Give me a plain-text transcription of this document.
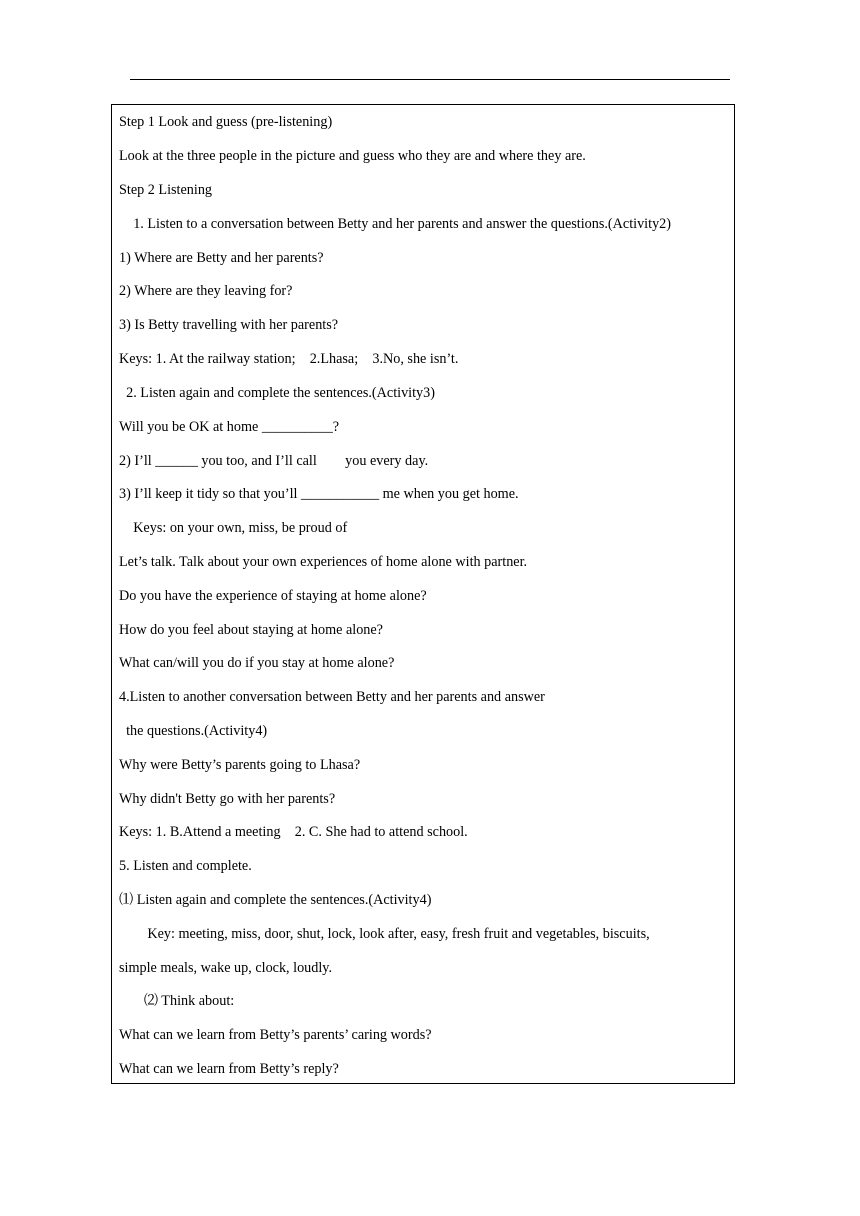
Step 1 Look and guess (pre-listening)
Look at the three people in the picture and guess who they are and where they are.
Step 2 Listening
1. Listen to a conversation between Betty and her parents and answer the questions.(Activity2)
1) Where are Betty and her parents?
2) Where are they leaving for?
3) Is Betty travelling with her parents?
Keys: 1. At the railway station;    2.Lhasa;    3.No, she isn’t.
2. Listen again and complete the sentences.(Activity3)
Will you be OK at home __________?
2) I’ll ______ you too, and I’ll call        you every day.
3) I’ll keep it tidy so that you’ll ___________ me when you get home.
Keys: on your own, miss, be proud of
Let’s talk. Talk about your own experiences of home alone with partner.
Do you have the experience of staying at home alone?
How do you feel about staying at home alone?
What can/will you do if you stay at home alone?
4.Listen to another conversation between Betty and her parents and answer
the questions.(Activity4)
Why were Betty’s parents going to Lhasa?
Why didn't Betty go with her parents?
Keys: 1. B.Attend a meeting    2. C. She had to attend school.
5. Listen and complete.
⑴ Listen again and complete the sentences.(Activity4)
Key: meeting, miss, door, shut, lock, look after, easy, fresh fruit and vegetables, biscuits,
simple meals, wake up, clock, loudly.
⑵ Think about:
What can we learn from Betty’s parents’ caring words?
What can we learn from Betty’s reply?
